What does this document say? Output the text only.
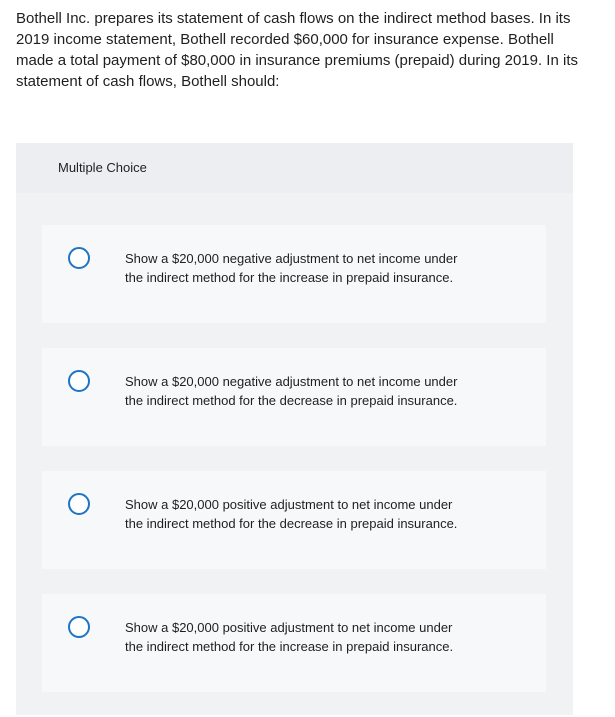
Bothell Inc. prepares its statement of cash flows on the indirect method bases. In its 2019 income statement, Bothell recorded $60,000 for insurance expense. Bothell made a total payment of $80,000 in insurance premiums (prepaid) during 2019. In its statement of cash flows, Bothell should:

Multiple Choice
Show a $20,000 negative adjustment to net income under the indirect method for the increase in prepaid insurance.
Show a $20,000 negative adjustment to net income under the indirect method for the decrease in prepaid insurance.
Show a $20,000 positive adjustment to net income under the indirect method for the decrease in prepaid insurance.
Show a $20,000 positive adjustment to net income under the indirect method for the increase in prepaid insurance.
